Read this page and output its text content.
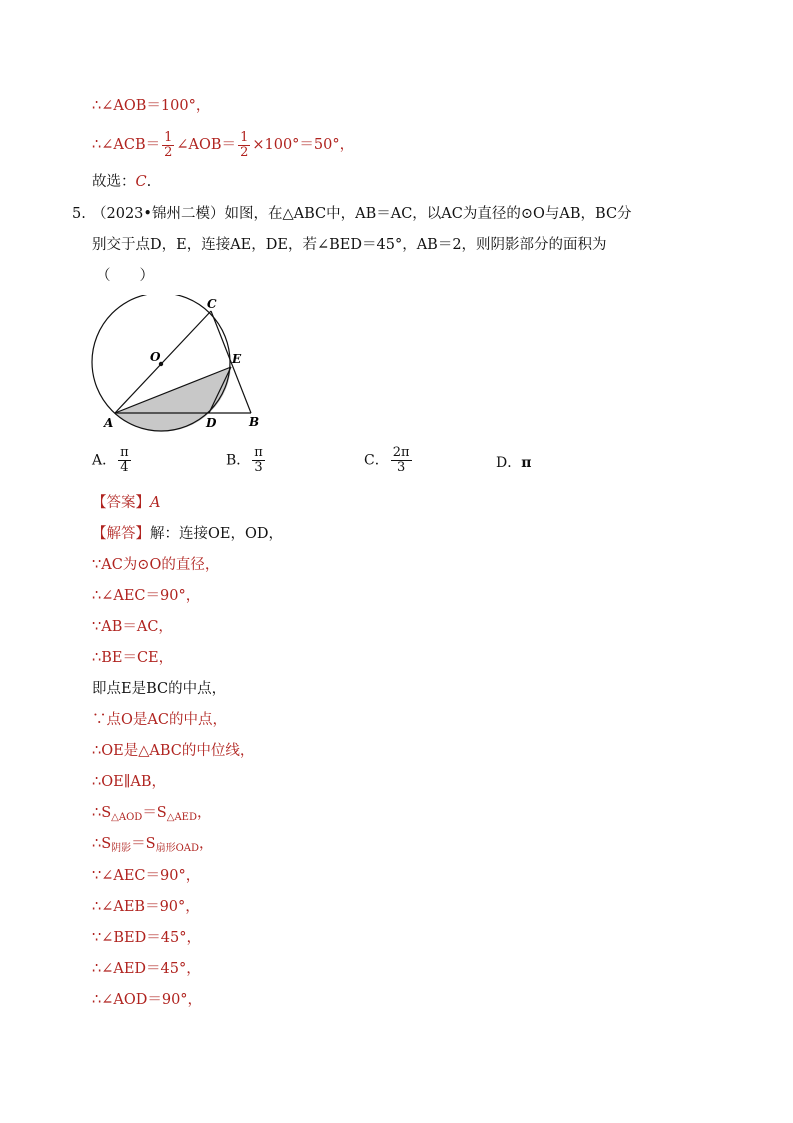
∴∠AOB＝100°，
∴∠ACB＝ $\frac{1}{2}$ ∠AOB＝ $\frac{1}{2} \times 100^\circ=50^\circ$，
故选：C.
5. （2023•锦州二模）如图，在△ABC中，AB＝AC，以AC为直径的⊙O与AB，BC分
别交于点D，E，连接AE，DE，若∠BED＝45°，AB＝2，则阴影部分的面积为
（　　）
C
O	E
A	D	B
A． $\frac{\pi}{4}$	B． $\frac{\pi}{3}$	C． $\frac{2\pi}{3}$	D．π
【答案】A
【解答】解：连接OE，OD，
∵AC为⊙O的直径，
∴∠AEC＝90°，
∵AB＝AC，
∴BE＝CE，
即点E是BC的中点，
∵点O是AC的中点，
∴OE是△ABC的中位线，
∴OE∥AB，
$\therefore S_{\triangle AOD}=S_{\triangle AED}$，
$\therefore S_{阴影}=S_{扇形OAD}$，
∵∠AEC＝90°，
∴∠AEB＝90°，
∵∠BED＝45°，
∴∠AED＝45°，
∴∠AOD＝90°，
